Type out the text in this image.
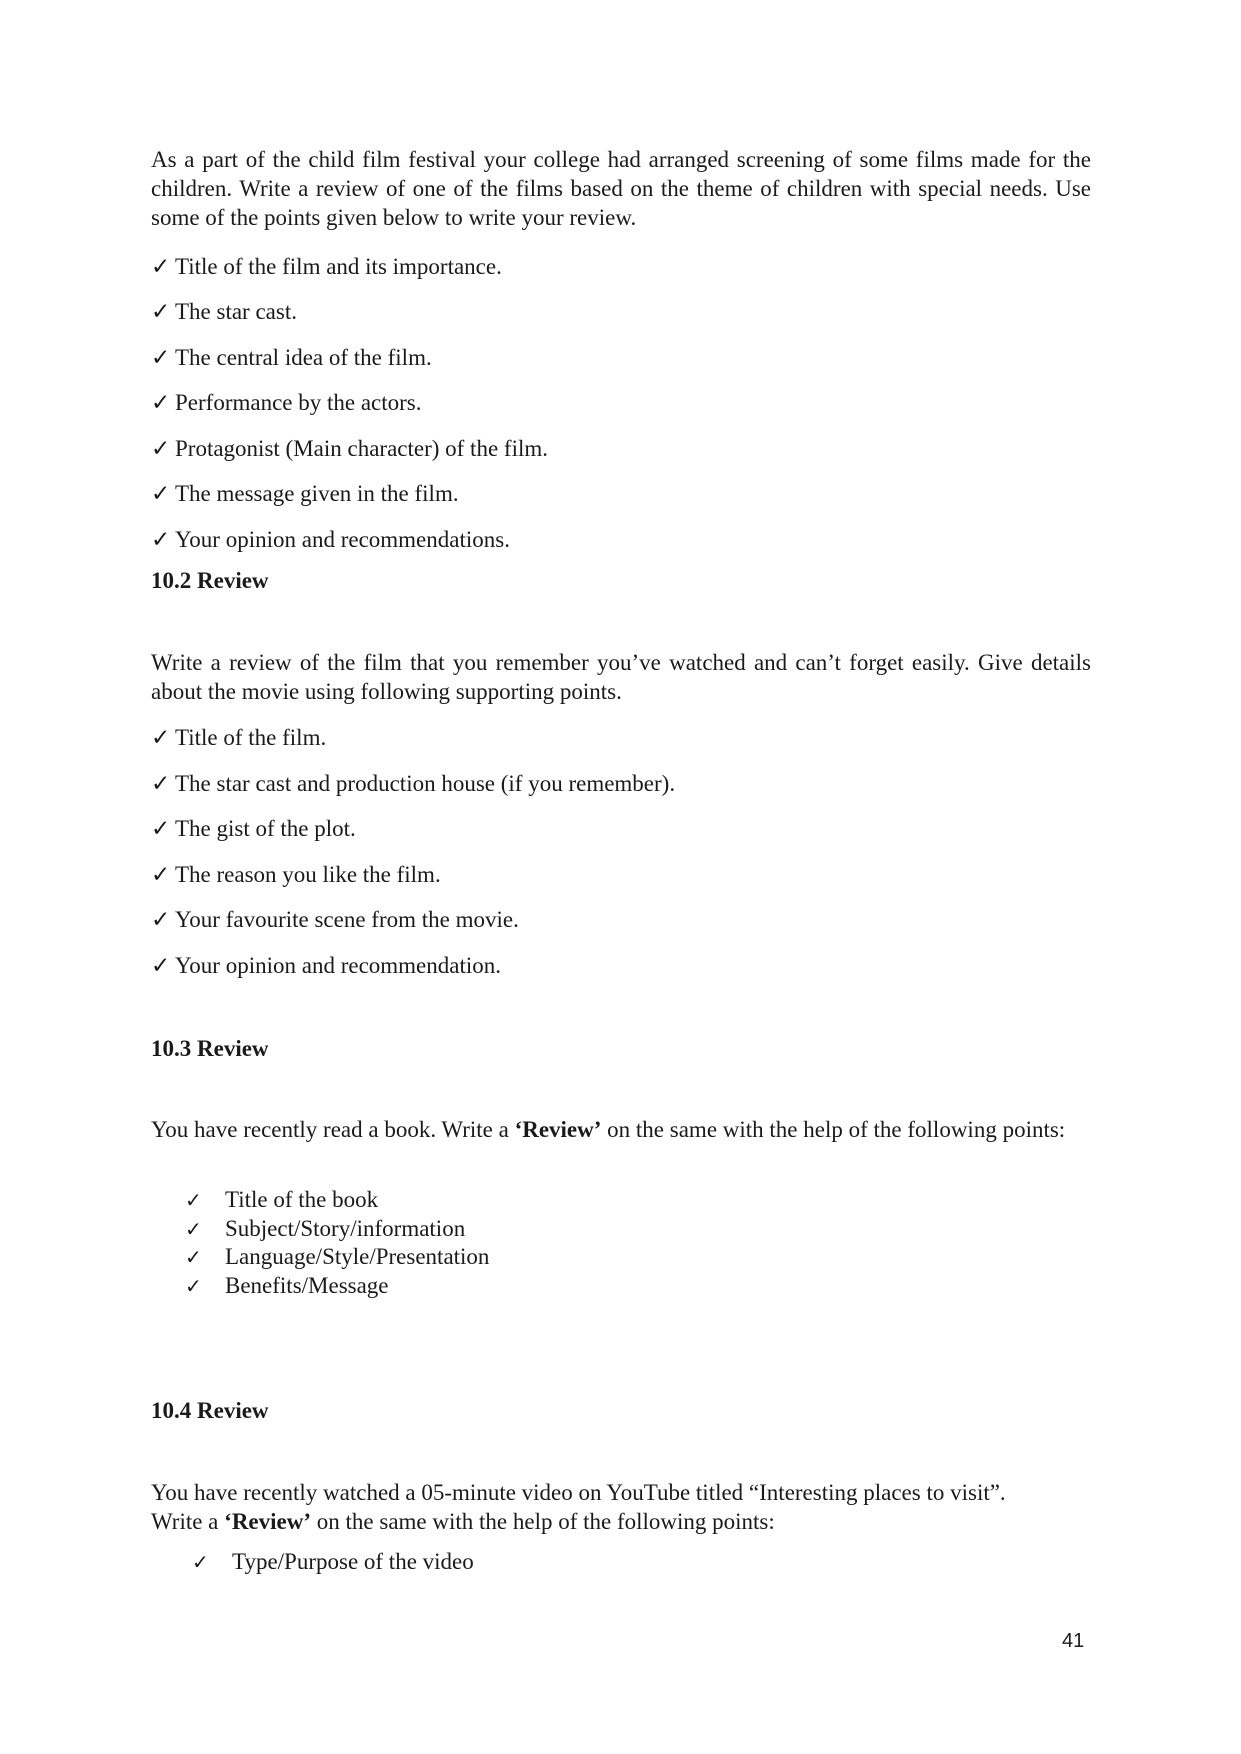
As a part of the child film festival your college had arranged screening of some films made for the children. Write a review of one of the films based on the theme of children with special needs. Use some of the points given below to write your review.

✓ Title of the film and its importance.
✓ The star cast.
✓ The central idea of the film.
✓ Performance by the actors.
✓ Protagonist (Main character) of the film.
✓ The message given in the film.
✓ Your opinion and recommendations.
10.2 Review

Write a review of the film that you remember you’ve watched and can’t forget easily. Give details about the movie using following supporting points.

✓ Title of the film.
✓ The star cast and production house (if you remember).
✓ The gist of the plot.
✓ The reason you like the film.
✓ Your favourite scene from the movie.
✓ Your opinion and recommendation.
10.3 Review

You have recently read a book. Write a ‘Review’ on the same with the help of the following points:

✓	Title of the book
✓	Subject/Story/information
✓	Language/Style/Presentation
✓	Benefits/Message
10.4 Review

You have recently watched a 05-minute video on YouTube titled “Interesting places to visit”.

Write a ‘Review’ on the same with the help of the following points:

✓	Type/Purpose of the video
41
